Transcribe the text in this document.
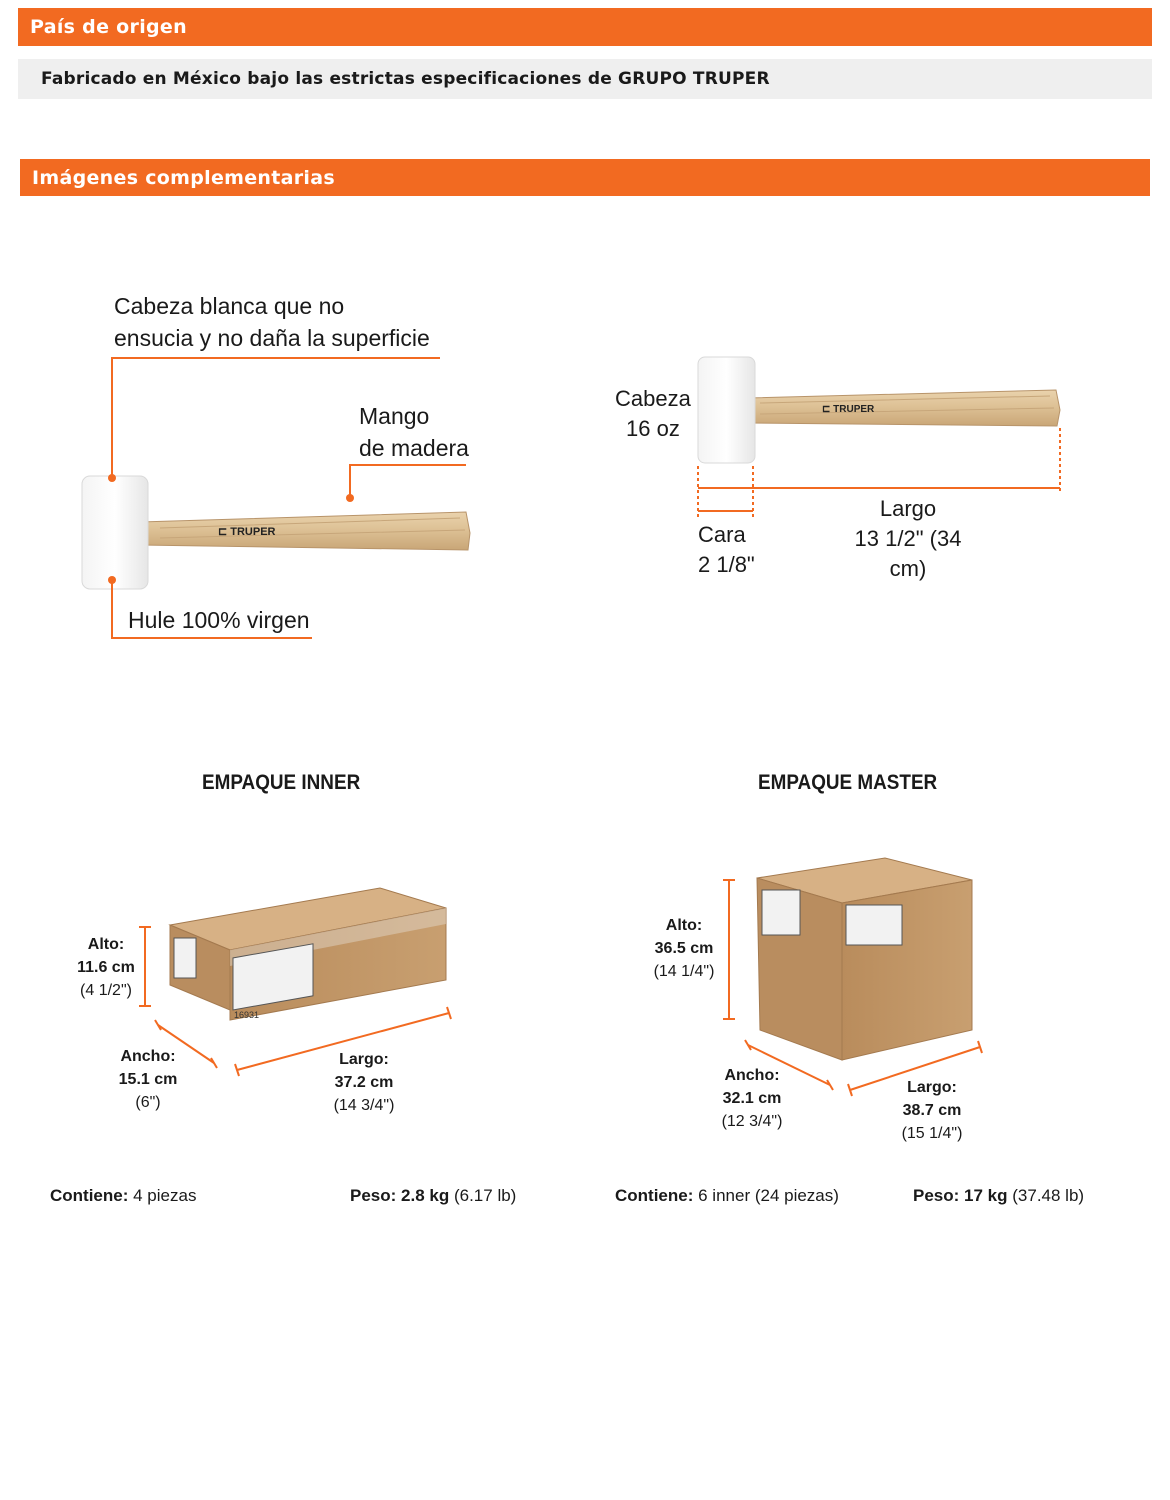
País de origen
Fabricado en México bajo las estrictas especificaciones de GRUPO TRUPER
Imágenes complementarias
⊏ TRUPER
⊏ TRUPER
16931
Cabeza blanca que no
ensucia y no daña la superficie
Mango
de madera
Hule 100% virgen
Cabeza
16 oz
Cara
2 1/8"
Largo
13 1/2" (34 cm)
EMPAQUE INNER	EMPAQUE MASTER
Alto:
11.6 cm
(4 1/2")
Ancho:
15.1 cm
(6")
Largo:
37.2 cm
(14 3/4")
Alto:
36.5 cm
(14 1/4")
Ancho:
32.1 cm
(12 3/4")
Largo:
38.7 cm
(15 1/4")
Contiene: 4 piezas	Peso: 2.8 kg (6.17 lb)	Contiene: 6 inner (24 piezas)	Peso: 17 kg (37.48 lb)
